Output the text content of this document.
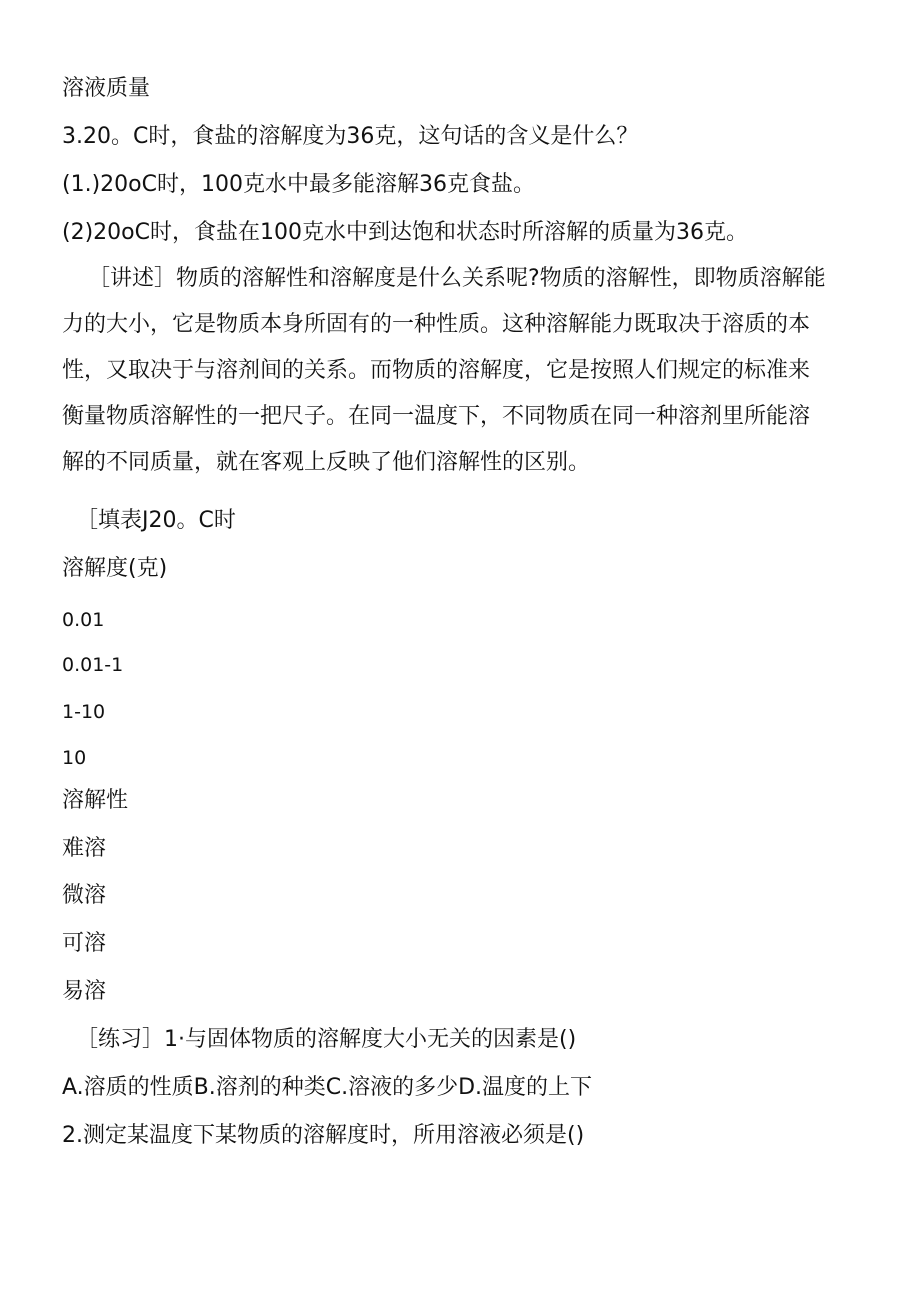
溶液质量
3.20。C时，食盐的溶解度为36克，这句话的含义是什么？
(1.)20oC时，100克水中最多能溶解36克食盐。
(2)20oC时，食盐在100克水中到达饱和状态时所溶解的质量为36克。

［讲述］物质的溶解性和溶解度是什么关系呢?物质的溶解性，即物质溶解能

力的大小，它是物质本身所固有的一种性质。这种溶解能力既取决于溶质的本

性，又取决于与溶剂间的关系。而物质的溶解度，它是按照人们规定的标准来

衡量物质溶解性的一把尺子。在同一温度下，不同物质在同一种溶剂里所能溶

解的不同质量，就在客观上反映了他们溶解性的区别。

［填表J20。C时
溶解度(克)
0.01
0.01-1
1-10
10
溶解性
难溶
微溶
可溶
易溶
［练习］1·与固体物质的溶解度大小无关的因素是()
A.溶质的性质B.溶剂的种类C.溶液的多少D.温度的上下
2.测定某温度下某物质的溶解度时，所用溶液必须是()
